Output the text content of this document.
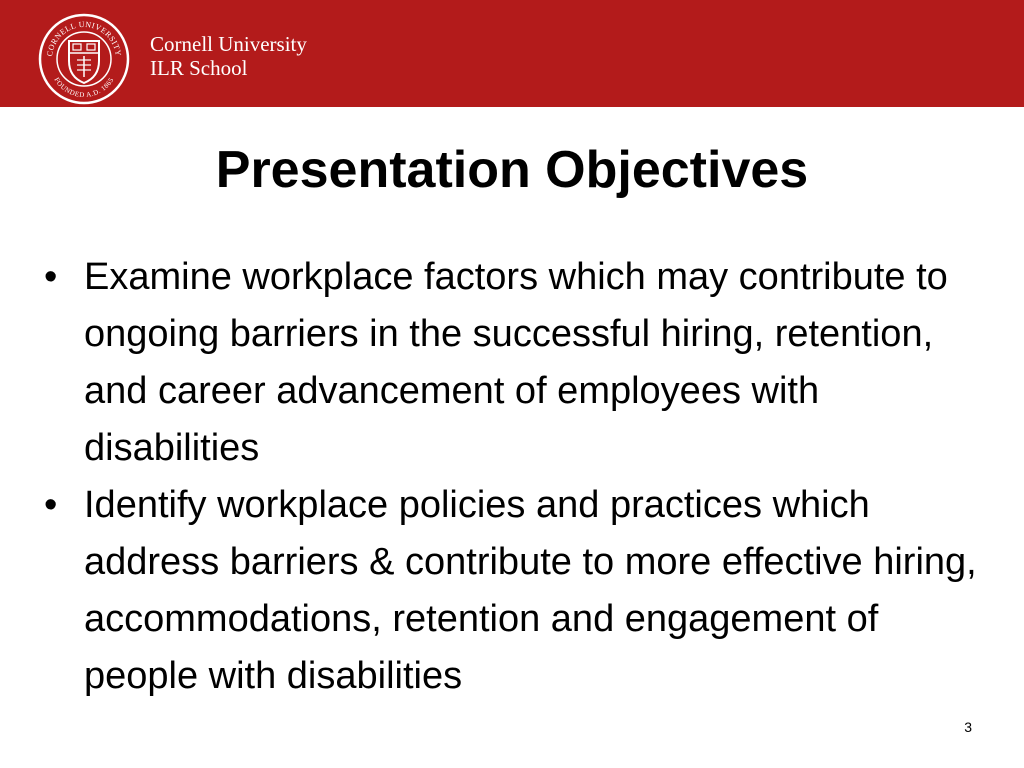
CORNELL UNIVERSITY
FOUNDED A.D. 1865
Cornell University
ILR School
Presentation Objectives
• Examine workplace factors which may contribute to ongoing barriers in the successful hiring, retention, and career advancement of employees with disabilities
• Identify workplace policies and practices which address barriers & contribute to more effective hiring, accommodations, retention and engagement of people with disabilities
3
